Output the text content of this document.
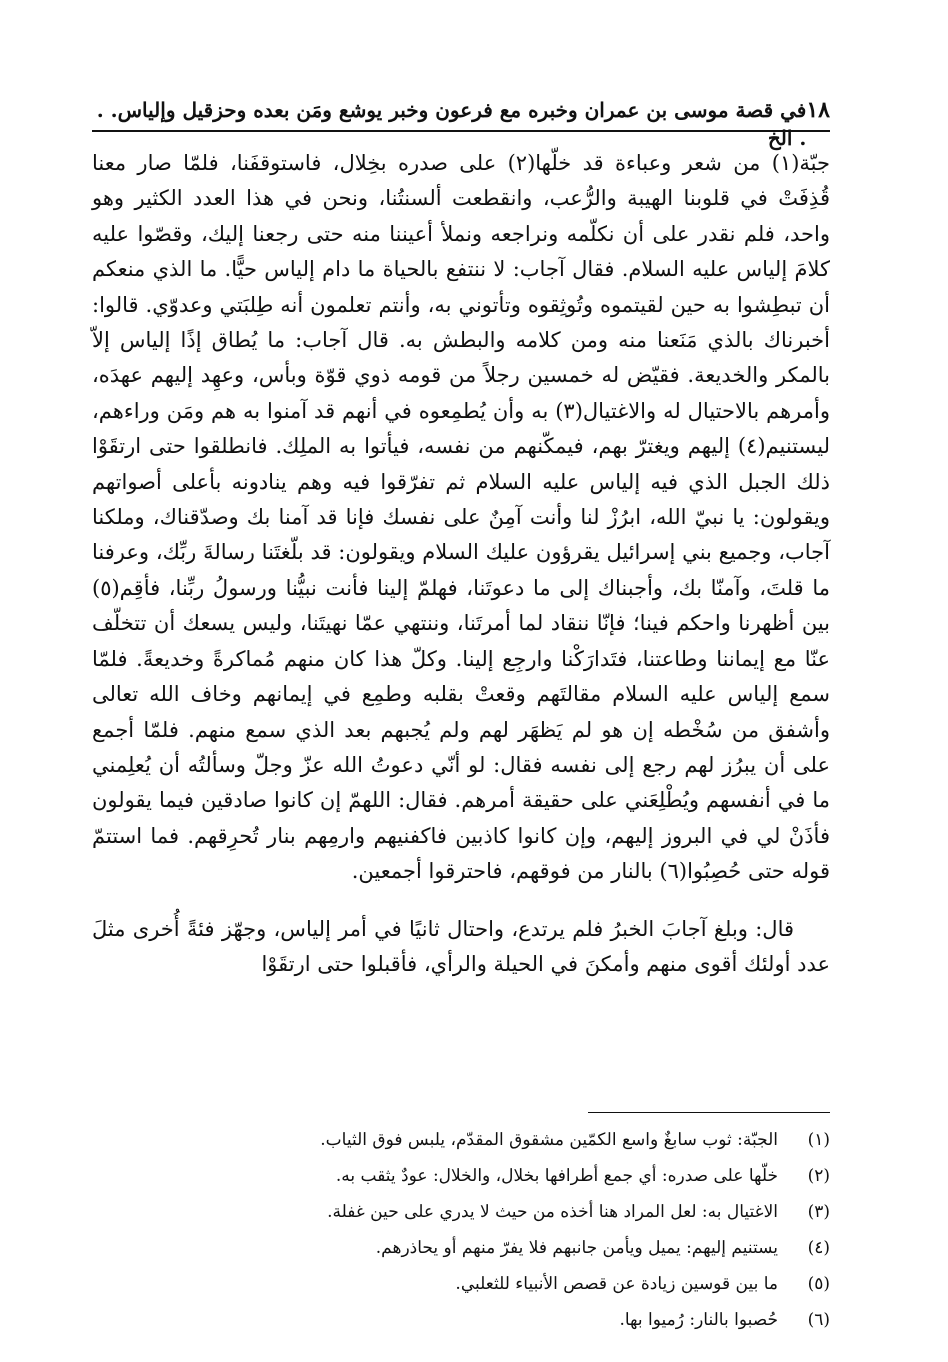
١٨
في قصة موسى بن عمران وخبره مع فرعون وخبر يوشع ومَن بعده وحزقيل وإلياس. . . الخ

جبّة(١) من شعر وعباءة قد خلّها(٢) على صدره بخِلال، فاستوقفَنا، فلمّا صار معنا قُذِفَتْ في قلوبنا الهيبة والرُّعب، وانقطعت ألسنتُنا، ونحن في هذا العدد الكثير وهو واحد، فلم نقدر على أن نكلّمه ونراجعه ونملأ أعيننا منه حتى رجعنا إليك، وقصّوا عليه كلامَ إلياس عليه السلام. فقال آجاب: لا ننتفع بالحياة ما دام إلياس حيًّا. ما الذي منعكم أن تبطِشوا به حين لقيتموه وتُوثِقوه وتأتوني به، وأنتم تعلمون أنه طِلبَتي وعدوّي. قالوا: أخبرناك بالذي مَنَعنا منه ومن كلامه والبطش به. قال آجاب: ما يُطاق إذًا إلياس إلاّ بالمكر والخديعة. فقيّض له خمسين رجلاً من قومه ذوي قوّة وبأس، وعهِد إليهم عهدَه، وأمرهم بالاحتيال له والاغتيال(٣) به وأن يُطمِعوه في أنهم قد آمنوا به هم ومَن وراءهم، ليستنيم(٤) إليهم ويغترّ بهم، فيمكّنهم من نفسه، فيأتوا به الملِك. فانطلقوا حتى ارتقَوْا ذلك الجبل الذي فيه إلياس عليه السلام ثم تفرّقوا فيه وهم ينادونه بأعلى أصواتهم ويقولون: يا نبيّ الله، ابرُزْ لنا وأنت آمِنٌ على نفسك فإنا قد آمنا بك وصدّقناك، وملكنا آجاب، وجميع بني إسرائيل يقرؤون عليك السلام ويقولون: قد بلّغتَنا رسالةَ ربِّك، وعرفنا ما قلتَ، وآمنّا بك، وأجبناك إلى ما دعوتَنا، فهلمّ إلينا فأنت نبيُّنا ورسولُ ربِّنا، فأقِم(٥) بين أظهرنا واحكم فينا؛ فإنّا ننقاد لما أمرتَنا، وننتهي عمّا نهيتَنا، وليس يسعك أن تتخلّف عنّا مع إيماننا وطاعتنا، فتَدارَكْنا وارجِع إلينا. وكلّ هذا كان منهم مُماكرةً وخديعةً. فلمّا سمع إلياس عليه السلام مقالتَهم وقعتْ بقلبه وطمِع في إيمانهم وخاف الله تعالى وأشفق من سُخْطه إن هو لم يَظهَر لهم ولم يُجبهم بعد الذي سمع منهم. فلمّا أجمع على أن يبرُز لهم رجع إلى نفسه فقال: لو أنّي دعوتُ الله عزّ وجلّ وسألتُه أن يُعلِمني ما في أنفسهم ويُطْلِعَني على حقيقة أمرهم. فقال: اللهمّ إن كانوا صادقين فيما يقولون فأذَنْ لي في البروز إليهم، وإن كانوا كاذبين فاكفنيهم وارمِهم بنار تُحرِقهم. فما استتمّ قوله حتى حُصِبُوا(٦) بالنار من فوقهم، فاحترقوا أجمعين.

قال: وبلغ آجابَ الخبرُ فلم يرتدع، واحتال ثانيًا في أمر إلياس، وجهّز فئةً أُخرى مثلَ عدد أولئك أقوى منهم وأمكنَ في الحيلة والرأي، فأقبلوا حتى ارتقَوْا

(١)
الجبّة: ثوب سابغٌ واسع الكمّين مشقوق المقدّم، يلبس فوق الثياب.
(٢)
خلّها على صدره: أي جمع أطرافها بخلال، والخلال: عودٌ يثقب به.
(٣)
الاغتيال به: لعل المراد هنا أخذه من حيث لا يدري على حين غفلة.
(٤)
يستنيم إليهم: يميل ويأمن جانبهم فلا يفرّ منهم أو يحاذرهم.
(٥)
ما بين قوسين زيادة عن قصص الأنبياء للثعلبي.
(٦)
حُصبوا بالنار: رُميوا بها.
